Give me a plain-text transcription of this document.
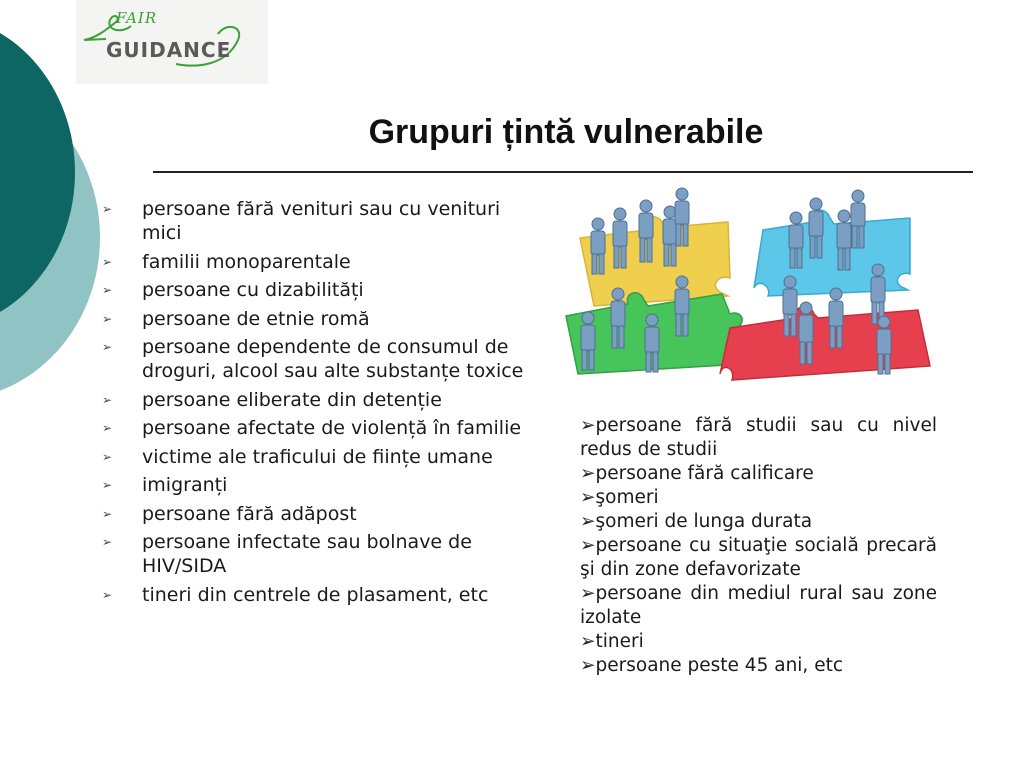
FAIR
GUIDANCE
Grupuri țintă vulnerabile
➢ persoane fără venituri sau cu venituri mici
➢ familii monoparentale
➢ persoane cu dizabilități
➢ persoane de etnie romă
➢ persoane dependente de consumul de droguri, alcool sau alte substanțe toxice
➢ persoane eliberate din detenție
➢ persoane afectate de violență în familie
➢ victime ale traficului de ființe umane
➢ imigranți
➢ persoane fără adăpost
➢ persoane infectate sau bolnave de HIV/SIDA
➢ tineri din centrele de plasament, etc
➢persoane fără studii sau cu nivel redus de studii
➢persoane fără calificare
➢şomeri
➢şomeri de lunga durata
➢persoane cu situaţie socială precară şi din zone defavorizate
➢persoane din mediul rural sau zone izolate
➢tineri
➢persoane peste 45 ani, etc
